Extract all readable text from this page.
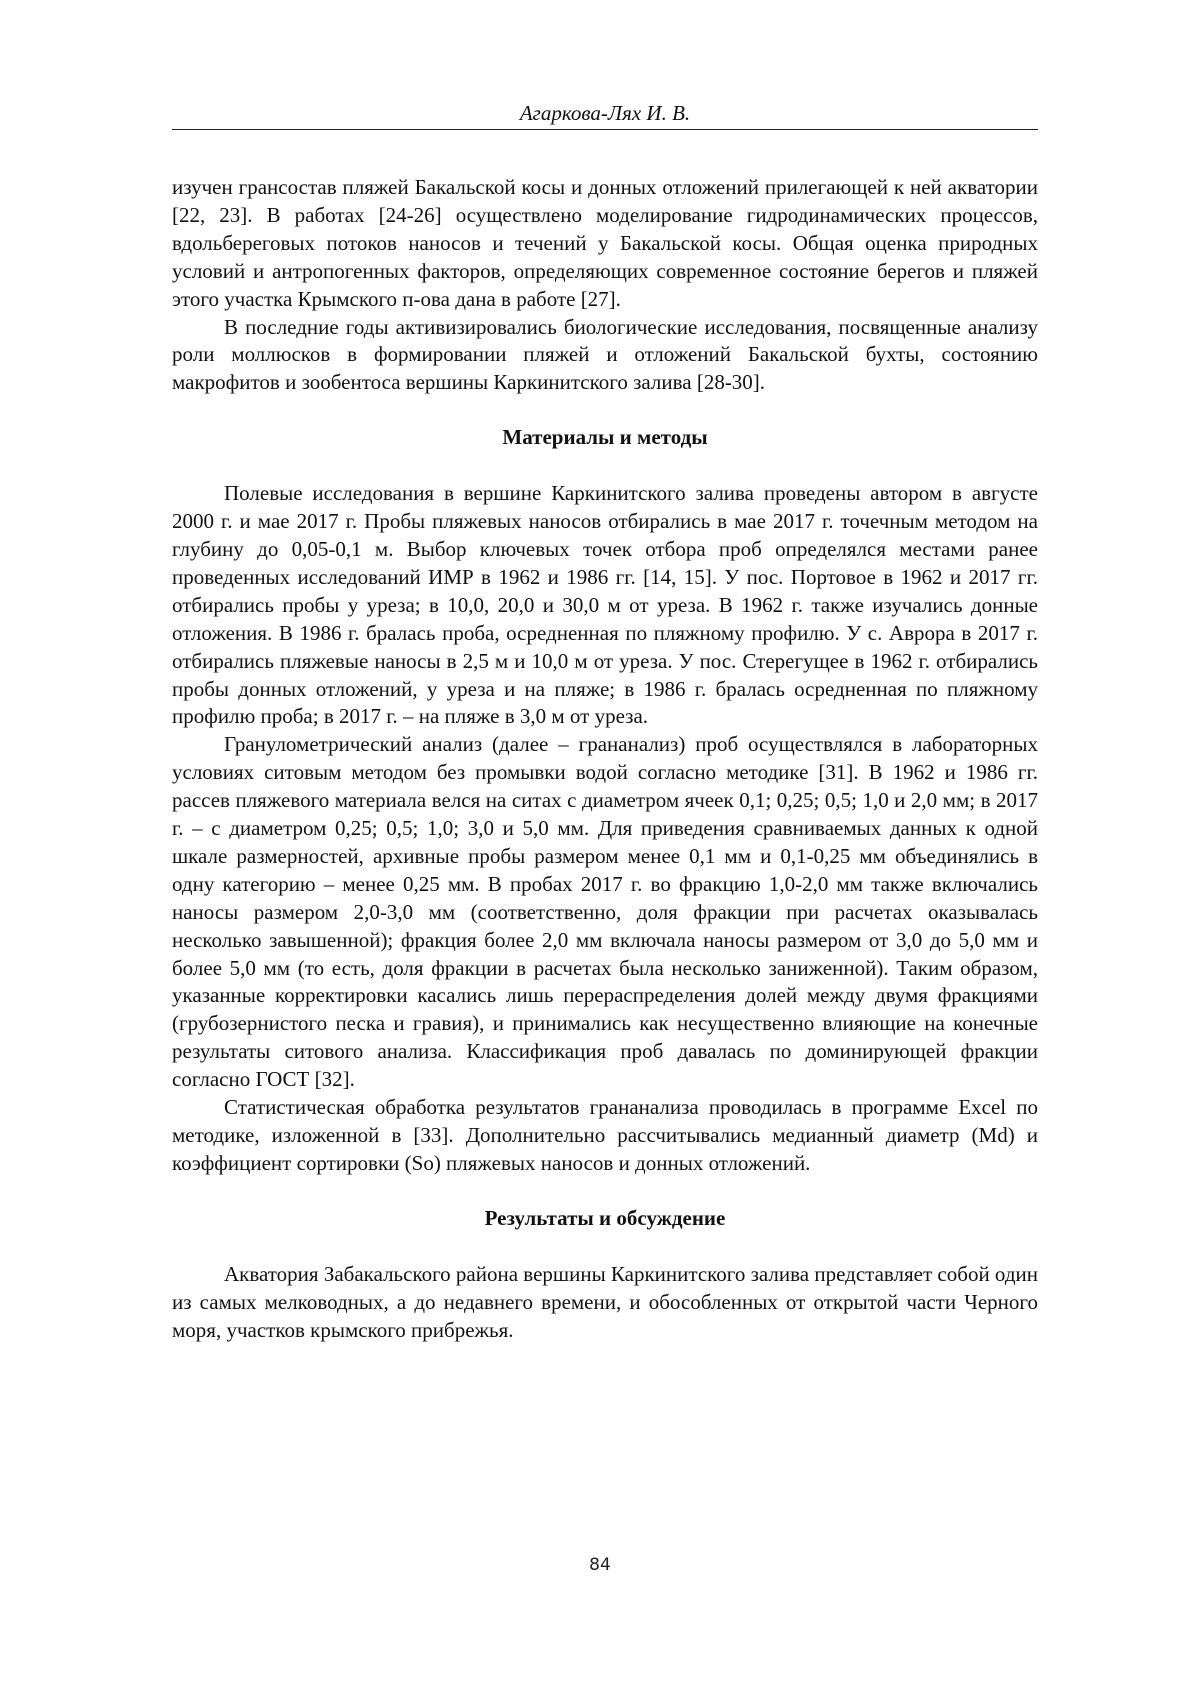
Агаркова-Лях И. В.

изучен грансостав пляжей Бакальской косы и донных отложений прилегающей к ней акватории [22, 23]. В работах [24-26] осуществлено моделирование гидродинамических процессов, вдольбереговых потоков наносов и течений у Бакальской косы. Общая оценка природных условий и антропогенных факторов, определяющих современное состояние берегов и пляжей этого участка Крымского п-ова дана в работе [27].

В последние годы активизировались биологические исследования, посвященные анализу роли моллюсков в формировании пляжей и отложений Бакальской бухты, состоянию макрофитов и зообентоса вершины Каркинитского залива [28-30].

Материалы и методы

Полевые исследования в вершине Каркинитского залива проведены автором в августе 2000 г. и мае 2017 г. Пробы пляжевых наносов отбирались в мае 2017 г. точечным методом на глубину до 0,05-0,1 м. Выбор ключевых точек отбора проб определялся местами ранее проведенных исследований ИМР в 1962 и 1986 гг. [14, 15]. У пос. Портовое в 1962 и 2017 гг. отбирались пробы у уреза; в 10,0, 20,0 и 30,0 м от уреза. В 1962 г. также изучались донные отложения. В 1986 г. бралась проба, осредненная по пляжному профилю. У с. Аврора в 2017 г. отбирались пляжевые наносы в 2,5 м и 10,0 м от уреза. У пос. Стерегущее в 1962 г. отбирались пробы донных отложений, у уреза и на пляже; в 1986 г. бралась осредненная по пляжному профилю проба; в 2017 г. – на пляже в 3,0 м от уреза.

Гранулометрический анализ (далее – грананализ) проб осуществлялся в лабораторных условиях ситовым методом без промывки водой согласно методике [31]. В 1962 и 1986 гг. рассев пляжевого материала велся на ситах с диаметром ячеек 0,1; 0,25; 0,5; 1,0 и 2,0 мм; в 2017 г. – с диаметром 0,25; 0,5; 1,0; 3,0 и 5,0 мм. Для приведения сравниваемых данных к одной шкале размерностей, архивные пробы размером менее 0,1 мм и 0,1-0,25 мм объединялись в одну категорию – менее 0,25 мм. В пробах 2017 г. во фракцию 1,0-2,0 мм также включались наносы размером 2,0-3,0 мм (соответственно, доля фракции при расчетах оказывалась несколько завышенной); фракция более 2,0 мм включала наносы размером от 3,0 до 5,0 мм и более 5,0 мм (то есть, доля фракции в расчетах была несколько заниженной). Таким образом, указанные корректировки касались лишь перераспределения долей между двумя фракциями (грубозернистого песка и гравия), и принимались как несущественно влияющие на конечные результаты ситового анализа. Классификация проб давалась по доминирующей фракции согласно ГОСТ [32].

Статистическая обработка результатов грананализа проводилась в программе Excel по методике, изложенной в [33]. Дополнительно рассчитывались медианный диаметр (Md) и коэффициент сортировки (So) пляжевых наносов и донных отложений.

Результаты и обсуждение

Акватория Забакальского района вершины Каркинитского залива представляет собой один из самых мелководных, а до недавнего времени, и обособленных от открытой части Черного моря, участков крымского прибрежья.

84
